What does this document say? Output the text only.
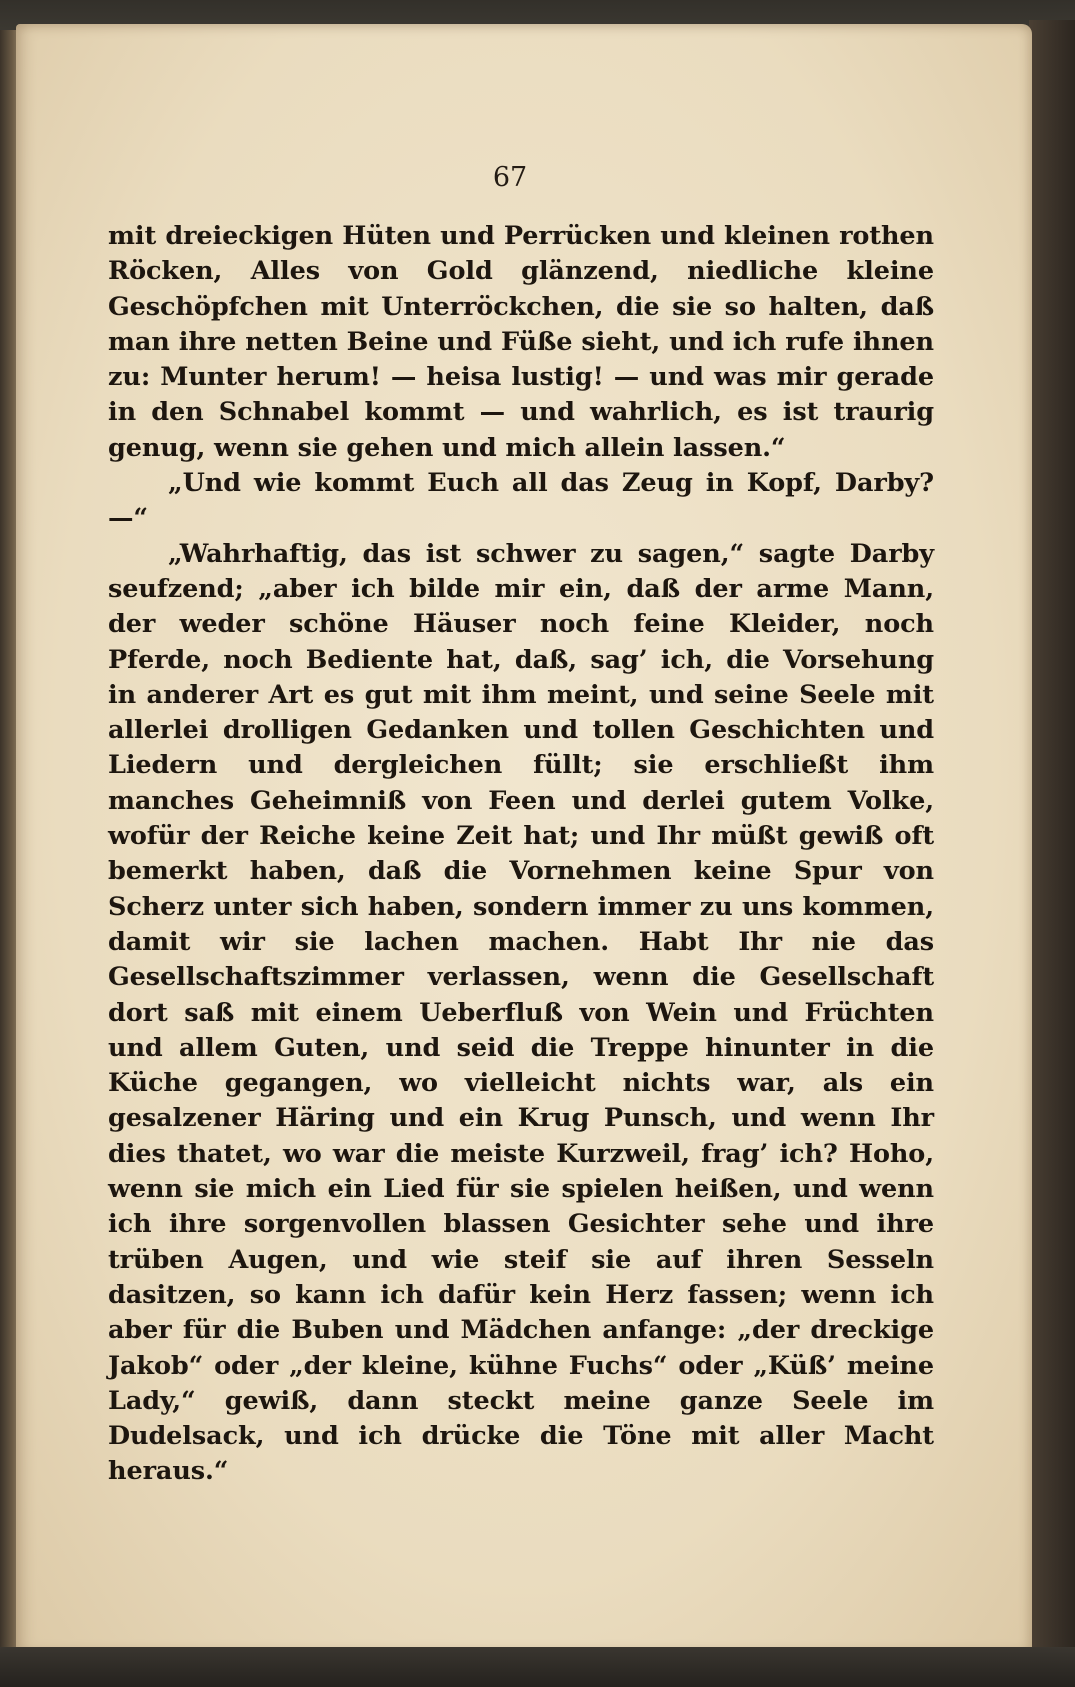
67

mit dreieckigen Hüten und Perrücken und kleinen rothen Röcken, Alles von Gold glänzend, niedliche kleine Geschöpfchen mit Unterröckchen, die sie so halten, daß man ihre netten Beine und Füße sieht, und ich rufe ihnen zu: Munter herum! — heisa lustig! — und was mir gerade in den Schnabel kommt — und wahrlich, es ist traurig genug, wenn sie gehen und mich allein lassen.“

„Und wie kommt Euch all das Zeug in Kopf, Darby? —“

„Wahrhaftig, das ist schwer zu sagen,“ sagte Darby seufzend; „aber ich bilde mir ein, daß der arme Mann, der weder schöne Häuser noch feine Kleider, noch Pferde, noch Bediente hat, daß, sag’ ich, die Vorsehung in anderer Art es gut mit ihm meint, und seine Seele mit allerlei drolligen Gedanken und tollen Geschichten und Liedern und dergleichen füllt; sie erschließt ihm manches Geheimniß von Feen und derlei gutem Volke, wofür der Reiche keine Zeit hat; und Ihr müßt gewiß oft bemerkt haben, daß die Vornehmen keine Spur von Scherz unter sich haben, sondern immer zu uns kommen, damit wir sie lachen machen. Habt Ihr nie das Gesellschaftszimmer verlassen, wenn die Gesellschaft dort saß mit einem Ueberfluß von Wein und Früchten und allem Guten, und seid die Treppe hinunter in die Küche gegangen, wo vielleicht nichts war, als ein gesalzener Häring und ein Krug Punsch, und wenn Ihr dies thatet, wo war die meiste Kurzweil, frag’ ich? Hoho, wenn sie mich ein Lied für sie spielen heißen, und wenn ich ihre sorgenvollen blassen Gesichter sehe und ihre trüben Augen, und wie steif sie auf ihren Sesseln dasitzen, so kann ich dafür kein Herz fassen; wenn ich aber für die Buben und Mädchen anfange: „der dreckige Jakob“ oder „der kleine, kühne Fuchs“ oder „Küß’ meine Lady,“ gewiß, dann steckt meine ganze Seele im Dudelsack, und ich drücke die Töne mit aller Macht heraus.“
